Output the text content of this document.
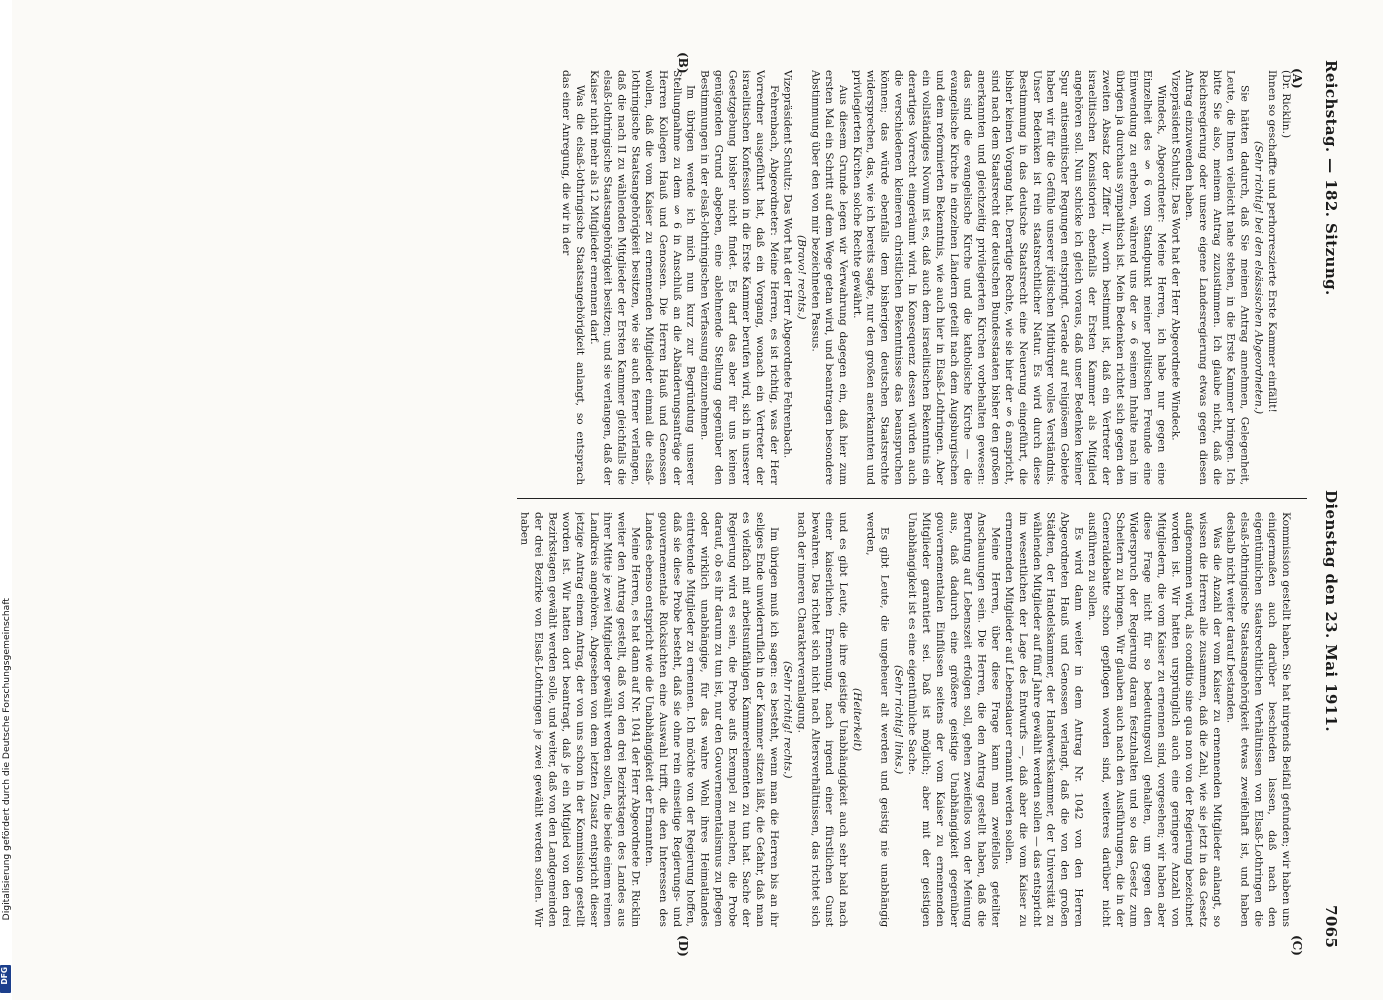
Reichstag. — 182. Sitzung.
Dienstag den 23. Mai 1911.
7065
(A)
(B)
(C)
(D)

(Dr. Ricklin.)

Ihnen so geschaffte und perhorreszierte Erste Kammer einfällt!

(Sehr richtig! bei den elsässischen Abgeordneten.)

Sie hätten dadurch, daß Sie meinen Antrag annehmen, Gelegenheit, Leute, die Ihnen vielleicht nahe stehen, in die Erste Kammer bringen. Ich bitte Sie also, meinem Antrag zuzustimmen. Ich glaube nicht, daß die Reichsregierung oder unsere eigene Landesregierung etwas gegen diesen Antrag einzuwenden haben.

Vizepräsident Schultz: Das Wort hat der Herr Abgeordnete Windeck.

Windeck, Abgeordneter: Meine Herren, ich habe nur gegen eine Einzelheit des § 6 vom Standpunkt meiner politischen Freunde eine Einwendung zu erheben, während uns der § 6 seinem Inhalte nach im übrigen ja durchaus sympathisch ist. Mein Bedenken richtet sich gegen den zweiten Absatz der Ziffer II, worin bestimmt ist, daß ein Vertreter der israelitischen Konsistorien ebenfalls der Ersten Kammer als Mitglied angehören soll. Nun schicke ich gleich voraus, daß unser Bedenken keiner Spur antisemitischer Regungen entspringt. Gerade auf religiösem Gebiete haben wir für die Gefühle unserer jüdischen Mitbürger volles Verständnis. Unser Bedenken ist rein staatsrechtlicher Natur. Es wird durch diese Bestimmung in das deutsche Staatsrecht eine Neuerung eingeführt, die bisher keinen Vorgang hat. Derartige Rechte, wie sie hier der § 6 anspricht, sind nach dem Staatsrecht der deutschen Bundesstaaten bisher den großen anerkannten und gleichzeitig privilegierten Kirchen vorbehalten gewesen: das sind die evangelische Kirche und die katholische Kirche — die evangelische Kirche in einzelnen Ländern geteilt nach dem Augsburgischen und dem reformierten Bekenntnis, wie auch hier in Elsaß-Lothringen. Aber ein vollständiges Novum ist es, daß auch dem israelitischen Bekenntnis ein derartiges Vorrecht eingeräumt wird. In Konsequenz dessen würden auch die verschiedenen kleineren christlichen Bekenntnisse das beanspruchen können; das würde ebenfalls dem bisherigen deutschen Staatsrechte widersprechen, das, wie ich bereits sagte, nur den großen anerkannten und privilegierten Kirchen solche Rechte gewährt.

Aus diesem Grunde legen wir Verwahrung dagegen ein, daß hier zum ersten Mal ein Schritt auf dem Wege getan wird, und beantragen besondere Abstimmung über den von mir bezeichneten Passus.

(Bravo! rechts.)

Vizepräsident Schultz: Das Wort hat der Herr Abgeordnete Fehrenbach.

Fehrenbach, Abgeordneter: Meine Herren, es ist richtig, was der Herr Vorredner ausgeführt hat, daß ein Vorgang, wonach ein Vertreter der israelitischen Konfession in die Erste Kammer berufen wird, sich in unserer Gesetzgebung bisher nicht findet. Es darf das aber für uns keinen genügenden Grund abgeben, eine ablehnende Stellung gegenüber den Bestimmungen in der elsaß-lothringischen Verfassung einzunehmen.

Im übrigen wende ich mich nun kurz zur Begründung unserer Stellungnahme zu dem § 6 in Anschluß an die Abänderungsanträge der Herren Kollegen Hauß und Genossen. Die Herren Hauß und Genossen wollen, daß die vom Kaiser zu ernennenden Mitglieder einmal die elsaß-lothringische Staatsangehörigkeit besitzen, wie sie auch ferner verlangen, daß die nach II zu wählenden Mitglieder der Ersten Kammer gleichfalls die elsaß-lothringische Staatsangehörigkeit besitzen; und sie verlangen, daß der Kaiser nicht mehr als 12 Mitglieder ernennen darf.

Was die elsaß-lothringische Staatsangehörigkeit anlangt, so entsprach das einer Anregung, die wir in der

Kommission gestellt haben. Sie hat nirgends Beifall gefunden; wir haben uns einigermaßen auch darüber beschieden lassen, daß nach den eigentümlichen staatsrechtlichen Verhältnissen von Elsaß-Lothringen die elsaß-lothringische Staatsangehörigkeit etwas zweifelhaft ist, und haben deshalb nicht weiter darauf bestanden.

Was die Anzahl der vom Kaiser zu ernennenden Mitglieder anlangt, so wissen die Herren alle zusammen, daß die Zahl, wie sie jetzt in das Gesetz aufgenommen wird, als conditio sine qua non von der Regierung bezeichnet worden ist. Wir hatten ursprünglich auch eine geringere Anzahl von Mitgliedern, die vom Kaiser zu ernennen sind, vorgesehen; wir haben aber diese Frage nicht für so bedeutungsvoll gehalten, um gegen den Widerspruch der Regierung daran festzuhalten und so das Gesetz zum Scheitern zu bringen. Wir glauben auch nach den Ausführungen, die in der Generaldebatte schon gepflogen worden sind, weiteres darüber nicht ausführen zu sollen.

Es wird dann weiter in dem Antrag Nr. 1042 von den Herren Abgeordneten Hauß und Genossen verlangt, daß die von den großen Städten, der Handelskammer, der Handwerkskammer, der Universität zu wählenden Mitglieder auf fünf Jahre gewählt werden sollen — das entspricht im wesentlichen der Lage des Entwurfs —, daß aber die vom Kaiser zu ernennenden Mitglieder auf Lebensdauer ernannt werden sollen.

Meine Herren, über diese Frage kann man zweifellos geteilter Anschauungen sein. Die Herren, die den Antrag gestellt haben, daß die Berufung auf Lebenszeit erfolgen soll, gehen zweifellos von der Meinung aus, daß dadurch eine größere geistige Unabhängigkeit gegenüber gouvernementalen Einflüssen seitens der vom Kaiser zu ernennenden Mitglieder garantiert sei. Daß ist möglich; aber mit der geistigen Unabhängigkeit ist es eine eigentümliche Sache.

(Sehr richtig! links.)

Es gibt Leute, die ungeheuer alt werden und geistig nie unabhängig werden,

(Heiterkeit)

und es gibt Leute, die ihre geistige Unabhängigkeit auch sehr bald nach einer kaiserlichen Ernennung, nach irgend einer fürstlichen Gunst bewahren. Das richtet sich nicht nach Altersverhältnissen, das richtet sich nach der inneren Charakterveranlagung.

(Sehr richtig! rechts.)

Im übrigen muß ich sagen: es besteht, wenn man die Herren bis an ihr seliges Ende unwiderruflich in der Kammer sitzen läßt, die Gefahr, daß man es vielfach mit arbeitsunfähigen Kammerelementen zu tun hat. Sache der Regierung wird es sein, die Probe aufs Exempel zu machen, die Probe darauf, ob es ihr darum zu tun ist, nur den Gouvernementalismus zu pflegen oder wirklich unabhängige, für das wahre Wohl ihres Heimatlandes eintretende Mitglieder zu ernennen. Ich möchte von der Regierung hoffen, daß sie diese Probe besteht, daß sie ohne rein einseitige Regierungs- und gouvernementale Rücksichten eine Auswahl trifft, die den Interessen des Landes ebenso entspricht wie die Unabhängigkeit der Ernannten.

Meine Herren, es hat dann auf Nr. 1041 der Herr Abgeordnete Dr. Ricklin weiter den Antrag gestellt, daß von den drei Bezirkstagen des Landes aus ihrer Mitte je zwei Mitglieder gewählt werden sollen, die beide einem reinen Landkreis angehören. Abgesehen von dem letzten Zusatz entspricht dieser jetzige Antrag einem Antrag, der von uns schon in der Kommission gestellt worden ist. Wir hatten dort beantragt, daß je ein Mitglied von den drei Bezirkstagen gewählt werden solle, und weiter, daß von den Landgemeinden der drei Bezirke von Elsaß-Lothringen je zwei gewählt werden sollen. Wir haben

Digitalisierung gefördert durch die Deutsche Forschungsgemeinschaft
DFG
